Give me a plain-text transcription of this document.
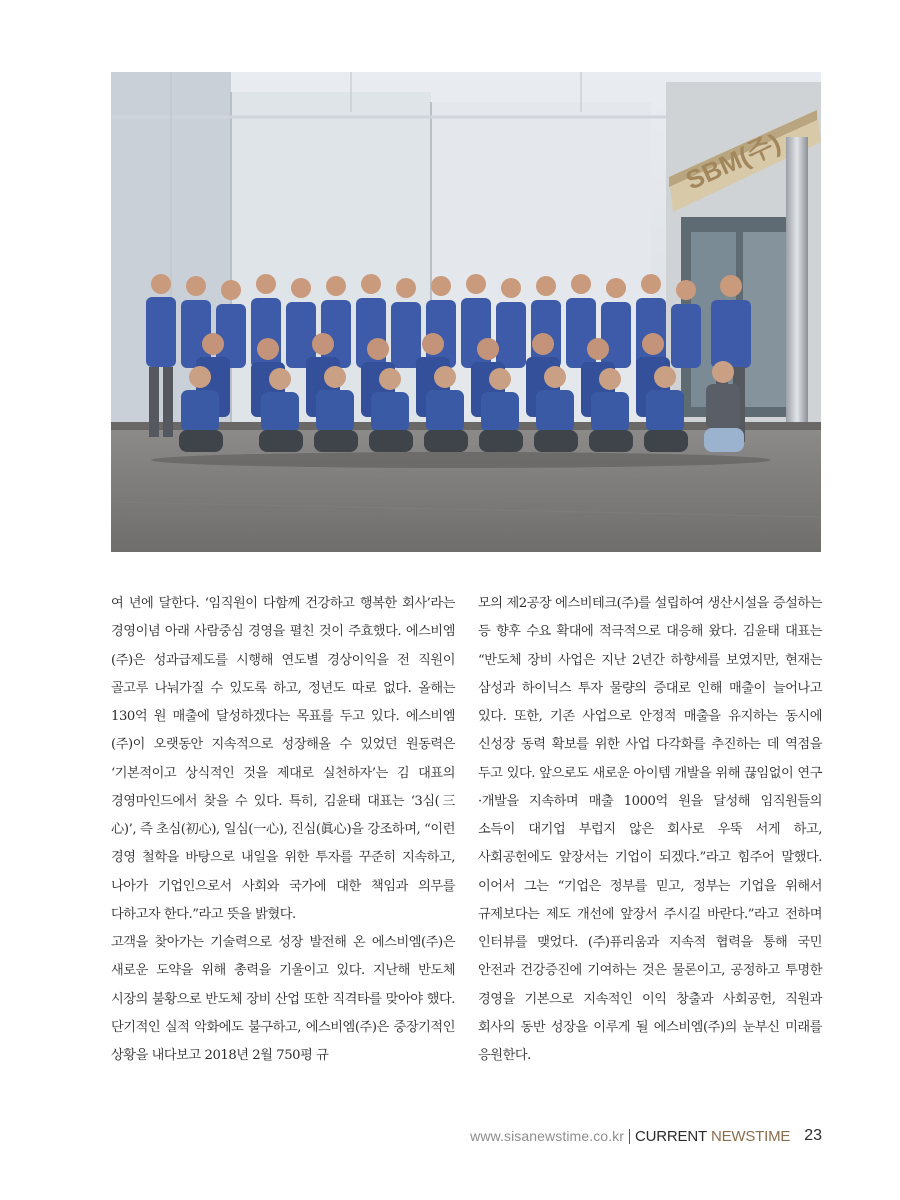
SBM(주)

여 년에 달한다. ‘임직원이 다함께 건강하고 행복한 회사’라는 경영이념 아래 사람중심 경영을 펼친 것이 주효했다. 에스비엠(주)은 성과급제도를 시행해 연도별 경상이익을 전 직원이 골고루 나눠가질 수 있도록 하고, 정년도 따로 없다. 올해는 130억 원 매출에 달성하겠다는 목표를 두고 있다. 에스비엠(주)이 오랫동안 지속적으로 성장해올 수 있었던 원동력은 ‘기본적이고 상식적인 것을 제대로 실천하자’는 김 대표의 경영마인드에서 찾을 수 있다. 특히, 김윤태 대표는 ‘3심(三 心)’, 즉 초심(初心), 일심(一心), 진심(眞心)을 강조하며, “이런 경영 철학을 바탕으로 내일을 위한 투자를 꾸준히 지속하고, 나아가 기업인으로서 사회와 국가에 대한 책임과 의무를 다하고자 한다.”라고 뜻을 밝혔다.

고객을 찾아가는 기술력으로 성장 발전해 온 에스비엠(주)은 새로운 도약을 위해 총력을 기울이고 있다. 지난해 반도체 시장의 불황으로 반도체 장비 산업 또한 직격타를 맞아야 했다. 단기적인 실적 악화에도 불구하고, 에스비엠(주)은 중장기적인 상황을 내다보고 2018년 2월 750평 규

모의 제2공장 에스비테크(주)를 설립하여 생산시설을 증설하는 등 향후 수요 확대에 적극적으로 대응해 왔다. 김윤태 대표는 “반도체 장비 사업은 지난 2년간 하향세를 보였지만, 현재는 삼성과 하이닉스 투자 물량의 증대로 인해 매출이 늘어나고 있다. 또한, 기존 사업으로 안정적 매출을 유지하는 동시에 신성장 동력 확보를 위한 사업 다각화를 추진하는 데 역점을 두고 있다. 앞으로도 새로운 아이템 개발을 위해 끊임없이 연구·개발을 지속하며 매출 1000억 원을 달성해 임직원들의 소득이 대기업 부럽지 않은 회사로 우뚝 서게 하고, 사회공헌에도 앞장서는 기업이 되겠다.”라고 힘주어 말했다. 이어서 그는 “기업은 정부를 믿고, 정부는 기업을 위해서 규제보다는 제도 개선에 앞장서 주시길 바란다.”라고 전하며 인터뷰를 맺었다. (주)퓨리움과 지속적 협력을 통해 국민 안전과 건강증진에 기여하는 것은 물론이고, 공정하고 투명한 경영을 기본으로 지속적인 이익 창출과 사회공헌, 직원과 회사의 동반 성장을 이루게 될 에스비엠(주)의 눈부신 미래를 응원한다.

www.sisanewstime.co.kr CURRENT NEWSTIME 23
